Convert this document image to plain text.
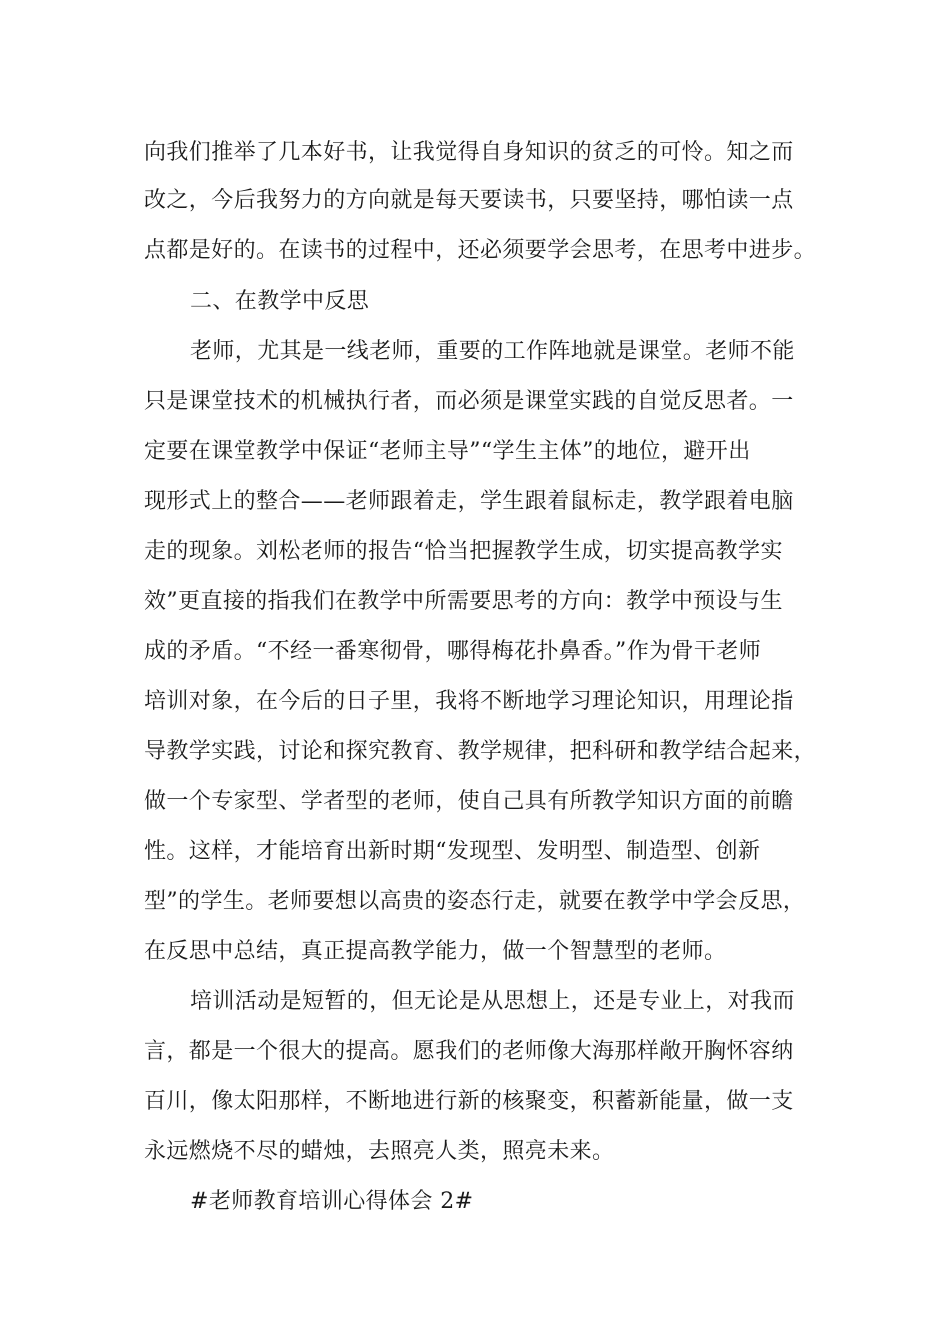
向我们推举了几本好书，让我觉得自身知识的贫乏的可怜。知之而
改之，今后我努力的方向就是每天要读书，只要坚持，哪怕读一点
点都是好的。在读书的过程中，还必须要学会思考，在思考中进步。
二、在教学中反思
老师，尤其是一线老师，重要的工作阵地就是课堂。老师不能
只是课堂技术的机械执行者，而必须是课堂实践的自觉反思者。一
定要在课堂教学中保证“老师主导”“学生主体”的地位，避开出
现形式上的整合——老师跟着走，学生跟着鼠标走，教学跟着电脑
走的现象。刘松老师的报告“恰当把握教学生成，切实提高教学实
效”更直接的指我们在教学中所需要思考的方向：教学中预设与生
成的矛盾。“不经一番寒彻骨，哪得梅花扑鼻香。”作为骨干老师
培训对象，在今后的日子里，我将不断地学习理论知识，用理论指
导教学实践，讨论和探究教育、教学规律，把科研和教学结合起来，
做一个专家型、学者型的老师，使自己具有所教学知识方面的前瞻
性。这样，才能培育出新时期“发现型、发明型、制造型、创新
型”的学生。老师要想以高贵的姿态行走，就要在教学中学会反思，
在反思中总结，真正提高教学能力，做一个智慧型的老师。
培训活动是短暂的，但无论是从思想上，还是专业上，对我而
言，都是一个很大的提高。愿我们的老师像大海那样敞开胸怀容纳
百川，像太阳那样，不断地进行新的核聚变，积蓄新能量，做一支
永远燃烧不尽的蜡烛，去照亮人类，照亮未来。
#老师教育培训心得体会 2#
